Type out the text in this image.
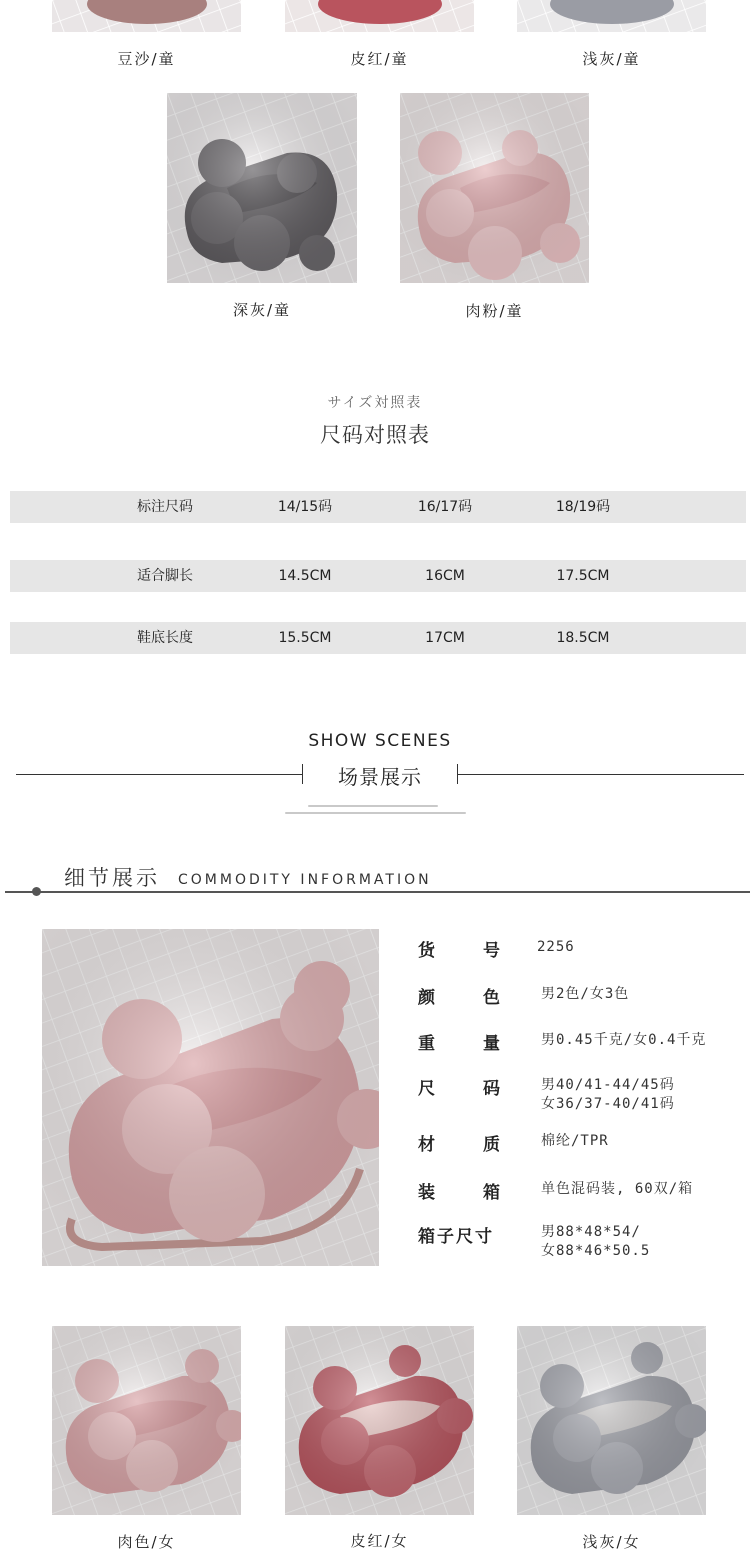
豆沙/童	皮红/童	浅灰/童
深灰/童	肉粉/童
サイズ対照表
尺码对照表
标注尺码	14/15码	16/17码	18/19码
适合脚长	14.5CM	16CM	17.5CM
鞋底长度	15.5CM	17CM	18.5CM
SHOW SCENES
场景展示
细节展示 COMMODITY INFORMATION
货	号	2256
颜	色	男2色/女3色
重	量	男0.45千克/女0.4千克
尺	码	男40/41-44/45码
女36/37-40/41码
材	质	棉纶/TPR
装	箱	单色混码装, 60双/箱
箱子尺寸	男88*48*54/
女88*46*50.5
肉色/女	皮红/女	浅灰/女
